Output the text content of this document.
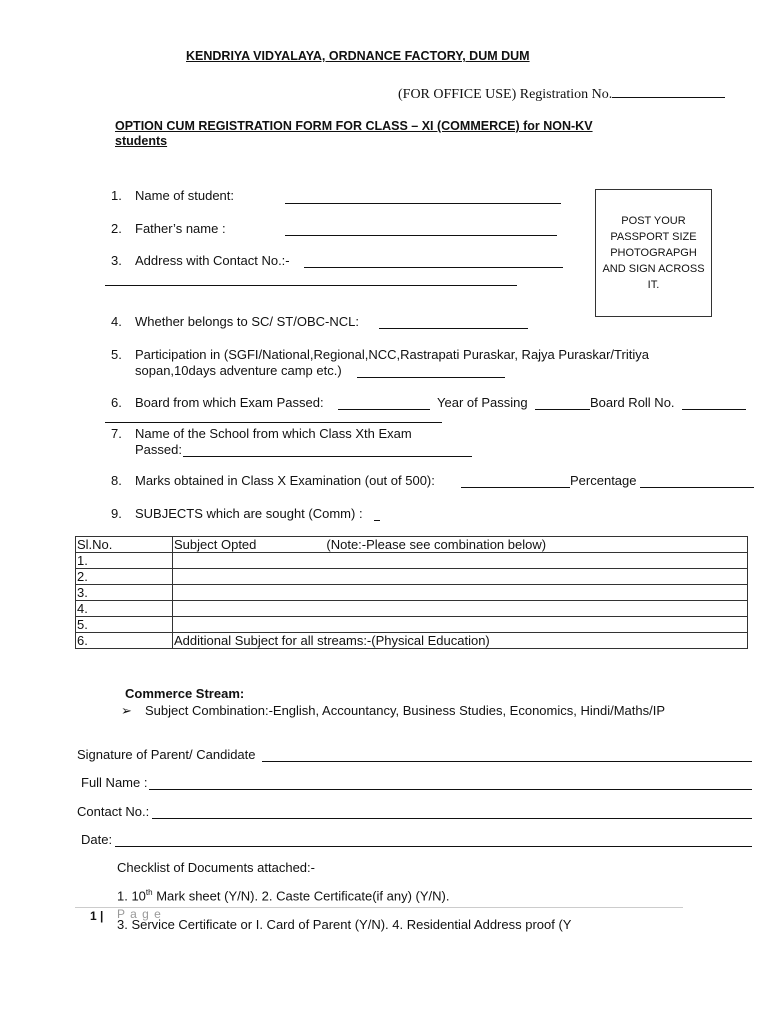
KENDRIYA VIDYALAYA, ORDNANCE FACTORY, DUM DUM
(FOR OFFICE USE) Registration No.
OPTION CUM REGISTRATION FORM FOR CLASS – XI (COMMERCE) for NON-KV
students
POST YOUR
PASSPORT SIZE
PHOTOGRAPGH
AND SIGN ACROSS
IT.
1. Name of student:
2. Father’s name :
3. Address with Contact No.:-
4. Whether belongs to SC/ ST/OBC-NCL:
5. Participation in (SGFI/National,Regional,NCC,Rastrapati Puraskar, Rajya Puraskar/Tritiya
sopan,10days adventure camp etc.)
6. Board from which Exam Passed:	Year of Passing	Board Roll No.
7. Name of the School from which Class Xth Exam
Passed:
8. Marks obtained in Class X Examination (out of 500):	Percentage
9. SUBJECTS which are sought (Comm) :
Sl.No.	Subject Opted (Note:-Please see combination below)
1.	
2.	
3.	
4.	
5.	
6.	Additional Subject for all streams:-(Physical Education)
Commerce Stream:
➢ Subject Combination:-English, Accountancy, Business Studies, Economics, Hindi/Maths/IP
Signature of Parent/ Candidate
Full Name :
Contact No.:
Date:
Checklist of Documents attached:-
1. 10th Mark sheet (Y/N). 2. Caste Certificate(if any) (Y/N).
1 | P a g e
3. Service Certificate or I. Card of Parent (Y/N). 4. Residential Address proof (Y
